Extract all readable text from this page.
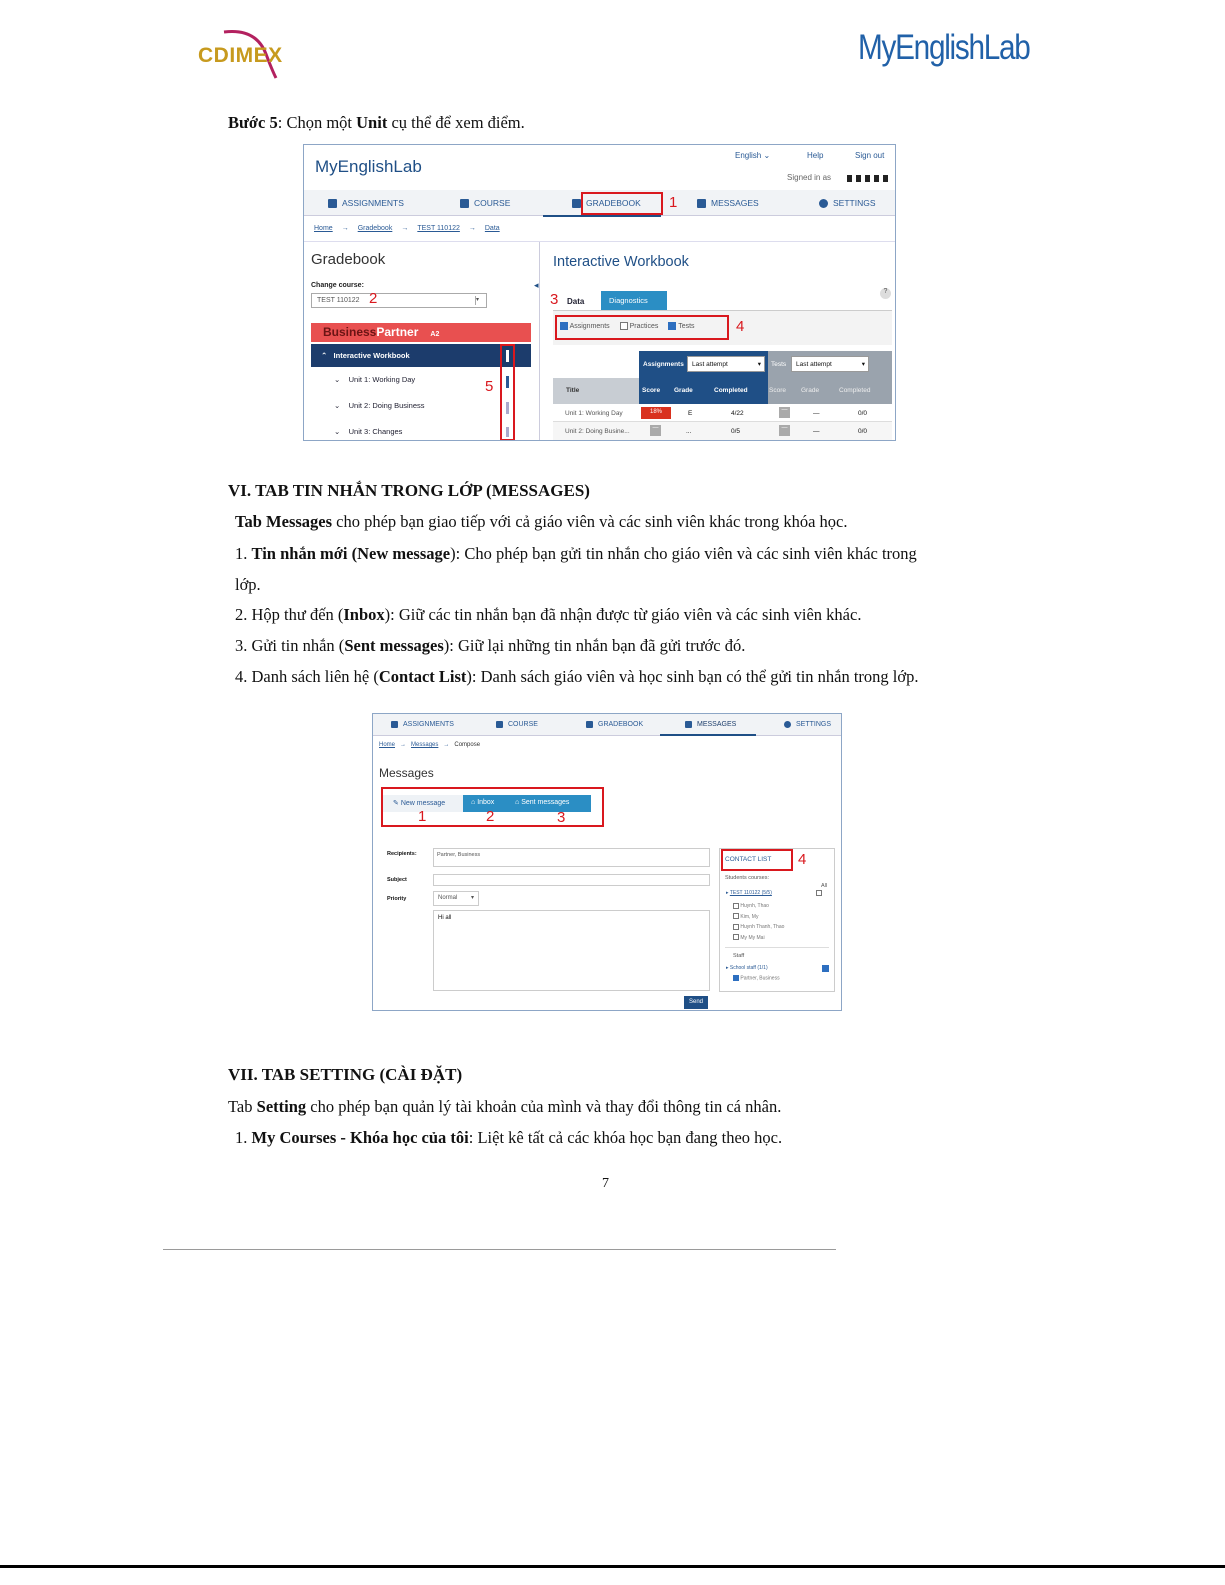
CDIMEX	MyEnglishLab
Bước 5: Chọn một Unit cụ thể để xem điểm.
MyEnglishLab
English ⌄	Help	Sign out
Signed in as
ASSIGNMENTS	COURSE	GRADEBOOK 1	MESSAGES	SETTINGS
Home → Gradebook → TEST 110122 → Data
Gradebook
Change course:
TEST 110122	▾
2
BusinessPartner A2
⌃   Interactive Workbook
⌄    Unit 1: Working Day
⌄    Unit 2: Doing Business
⌄    Unit 3: Changes
5
◂
Interactive Workbook
?
3 Data	Diagnostics
Assignments	Practices	Tests	4
Assignments	Last attempt	▾ Tests	Last attempt	▾
Title	Score Grade	Completed	Score Grade	Completed
Unit 1: Working Day	18%	E	4/22	—	—	0/0
Unit 2: Doing Busine...	—	...	0/5	—	—	0/0
VI. TAB TIN NHẮN TRONG LỚP (MESSAGES)
Tab Messages cho phép bạn giao tiếp với cả giáo viên và các sinh viên khác trong khóa học.
1. Tin nhắn mới (New message): Cho phép bạn gửi tin nhắn cho giáo viên và các sinh viên khác trong
lớp.
2. Hộp thư đến (Inbox): Giữ các tin nhắn bạn đã nhận được từ giáo viên và các sinh viên khác.
3. Gửi tin nhắn (Sent messages): Giữ lại những tin nhắn bạn đã gửi trước đó.
4. Danh sách liên hệ (Contact List): Danh sách giáo viên và học sinh bạn có thể gửi tin nhắn trong lớp.
ASSIGNMENTS	COURSE	GRADEBOOK	MESSAGES	SETTINGS
Home → Messages → Compose
Messages
✎ New message	⌂ Inbox	⌂ Sent messages
1	2	3
Recipients:	Partner, Business
Subject
Priority	Normal ▾
Hi all
Send
CONTACT LIST 4
Students courses:
All
▸ TEST 110122 (5/5)
Huynh, Thao
Kim, My
Huynh Thanh, Thao
My My Mai
Staff
▸ School staff (1/1)
Partner, Business
VII. TAB SETTING (CÀI ĐẶT)
Tab Setting cho phép bạn quản lý tài khoản của mình và thay đổi thông tin cá nhân.
1. My Courses - Khóa học của tôi: Liệt kê tất cả các khóa học bạn đang theo học.
7
